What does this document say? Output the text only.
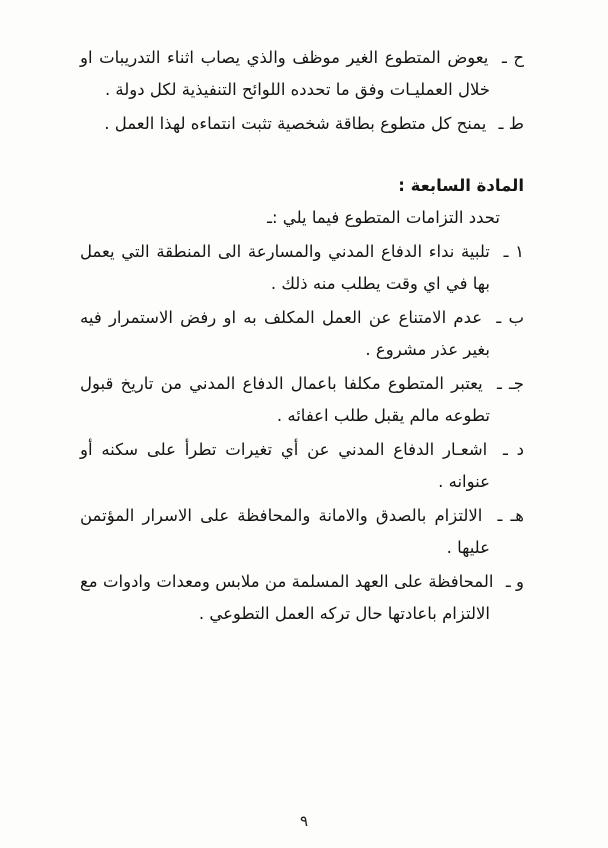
ح ـ يعوض المتطوع الغير موظف والذي يصاب اثناء التدريبات او خلال العمليـات وفق ما تحدده اللوائح التنفيذية لكل دولة .

ط ـ يمنح كل متطوع بطاقة شخصية تثبت انتماءه لهذا العمل .

المادة السابعة :

تحدد التزامات المتطوع فيما يلي :ـ

١ ـ تلبية نداء الدفاع المدني والمسارعة الى المنطقة التي يعمل بها في اي وقت يطلب منه ذلك .

ب ـ عدم الامتناع عن العمل المكلف به او رفض الاستمرار فيه بغير عذر مشروع .

جـ ـ يعتبر المتطوع مكلفا باعمال الدفاع المدني من تاريخ قبول تطوعه مالم يقبل طلب اعفائه .

د ـ اشعـار الدفاع المدني عن أي تغيرات تطرأ على سكنه أو عنوانه .

هـ ـ الالتزام بالصدق والامانة والمحافظة على الاسرار المؤتمن عليها .

و ـ المحافظة على العهد المسلمة من ملابس ومعدات وادوات مع الالتزام باعادتها حال تركه العمل التطوعي .

٩
